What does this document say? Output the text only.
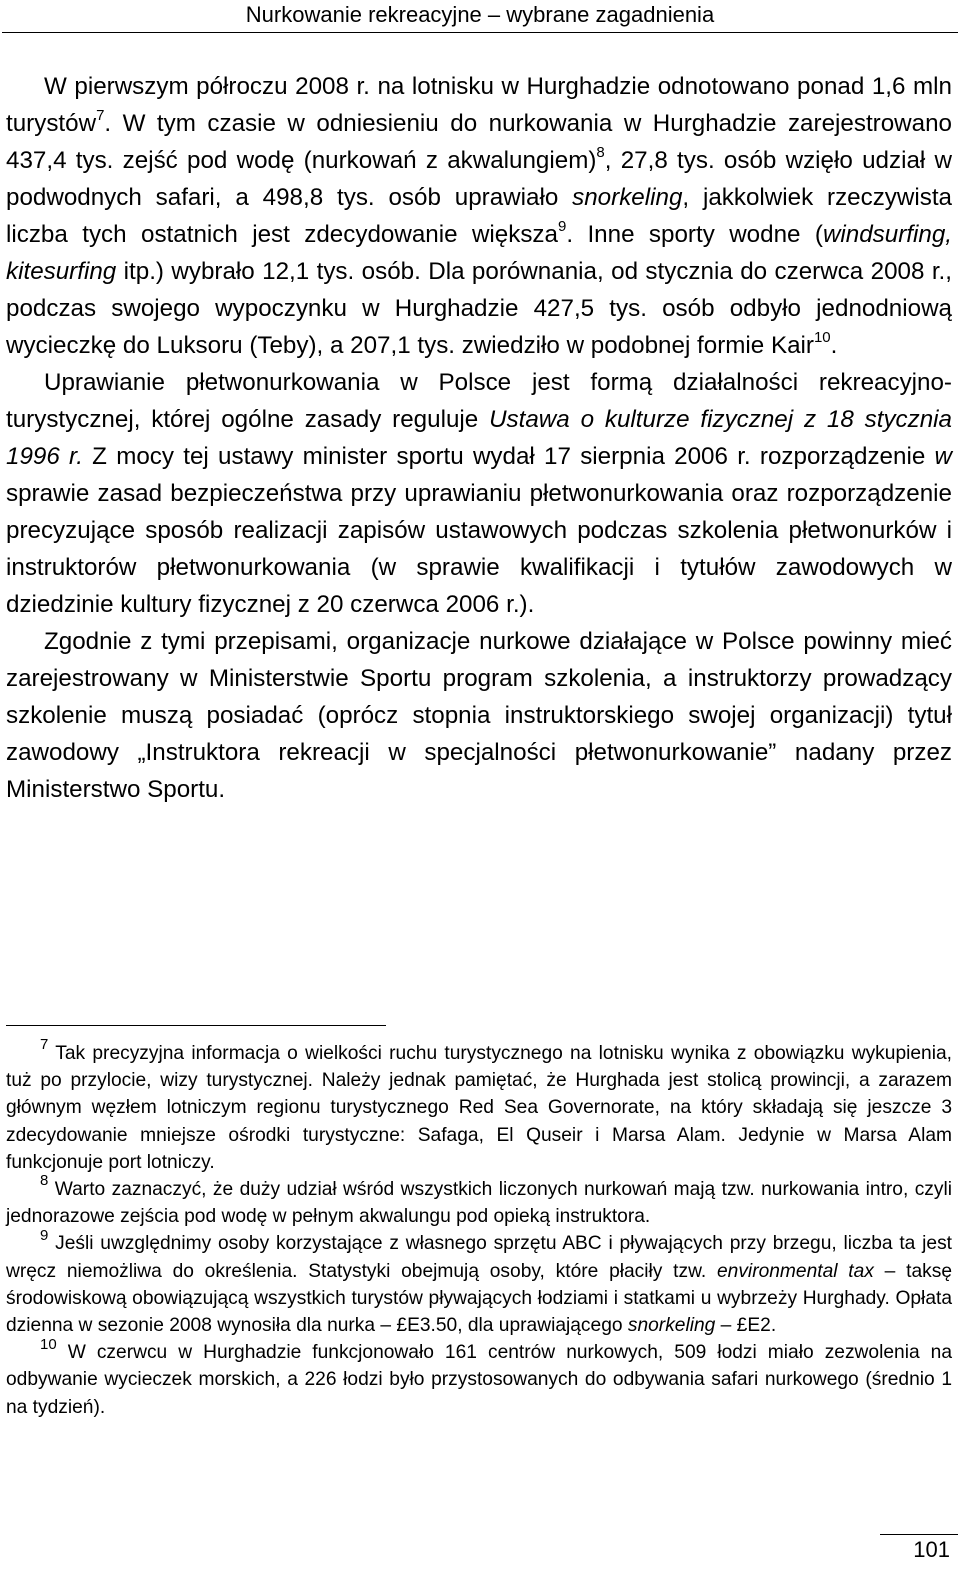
Nurkowanie rekreacyjne – wybrane zagadnienia

W pierwszym półroczu 2008 r. na lotnisku w Hurghadzie odnotowano ponad 1,6 mln turystów$^7$. W tym czasie w odniesieniu do nurkowania w Hurghadzie zarejestrowano 437,4 tys. zejść pod wodę (nurkowań z akwalungiem)$^8$, 27,8 tys. osób wzięło udział w podwodnych safari, a 498,8 tys. osób uprawiało snorkeling, jakkolwiek rzeczywista liczba tych ostatnich jest zdecydowanie większa$^9$. Inne sporty wodne (windsurfing, kitesurfing itp.) wybrało 12,1 tys. osób. Dla porównania, od stycznia do czerwca 2008 r., podczas swojego wypoczynku w Hurghadzie 427,5 tys. osób odbyło jednodniową wycieczkę do Luksoru (Teby), a 207,1 tys. zwiedziło w podobnej formie Kair$^{10}$.

Uprawianie płetwonurkowania w Polsce jest formą działalności rekreacyjno-turystycznej, której ogólne zasady reguluje Ustawa o kulturze fizycznej z 18 stycznia 1996 r. Z mocy tej ustawy minister sportu wydał 17 sierpnia 2006 r. rozporządzenie w sprawie zasad bezpieczeństwa przy uprawianiu płetwonurkowania oraz rozporządzenie precyzujące sposób realizacji zapisów ustawowych podczas szkolenia płetwonurków i instruktorów płetwonurkowania (w sprawie kwalifikacji i tytułów zawodowych w dziedzinie kultury fizycznej z 20 czerwca 2006 r.).

Zgodnie z tymi przepisami, organizacje nurkowe działające w Polsce powinny mieć zarejestrowany w Ministerstwie Sportu program szkolenia, a instruktorzy prowadzący szkolenie muszą posiadać (oprócz stopnia instruktorskiego swojej organizacji) tytuł zawodowy „Instruktora rekreacji w specjalności płetwonurkowanie” nadany przez Ministerstwo Sportu.

$^7$ Tak precyzyjna informacja o wielkości ruchu turystycznego na lotnisku wynika z obowiązku wykupienia, tuż po przylocie, wizy turystycznej. Należy jednak pamiętać, że Hurghada jest stolicą prowincji, a zarazem głównym węzłem lotniczym regionu turystycznego Red Sea Governorate, na który składają się jeszcze 3 zdecydowanie mniejsze ośrodki turystyczne: Safaga, El Quseir i Marsa Alam. Jedynie w Marsa Alam funkcjonuje port lotniczy.

$^8$ Warto zaznaczyć, że duży udział wśród wszystkich liczonych nurkowań mają tzw. nurkowania intro, czyli jednorazowe zejścia pod wodę w pełnym akwalungu pod opieką instruktora.

$^9$ Jeśli uwzględnimy osoby korzystające z własnego sprzętu ABC i pływających przy brzegu, liczba ta jest wręcz niemożliwa do określenia. Statystyki obejmują osoby, które płaciły tzw. environmental tax – taksę środowiskową obowiązującą wszystkich turystów pływających łodziami i statkami u wybrzeży Hurghady. Opłata dzienna w sezonie 2008 wynosiła dla nurka – £E3.50, dla uprawiającego snorkeling – £E2.

$^{10}$ W czerwcu w Hurghadzie funkcjonowało 161 centrów nurkowych, 509 łodzi miało zezwolenia na odbywanie wycieczek morskich, a 226 łodzi było przystosowanych do odbywania safari nurkowego (średnio 1 na tydzień).

101
